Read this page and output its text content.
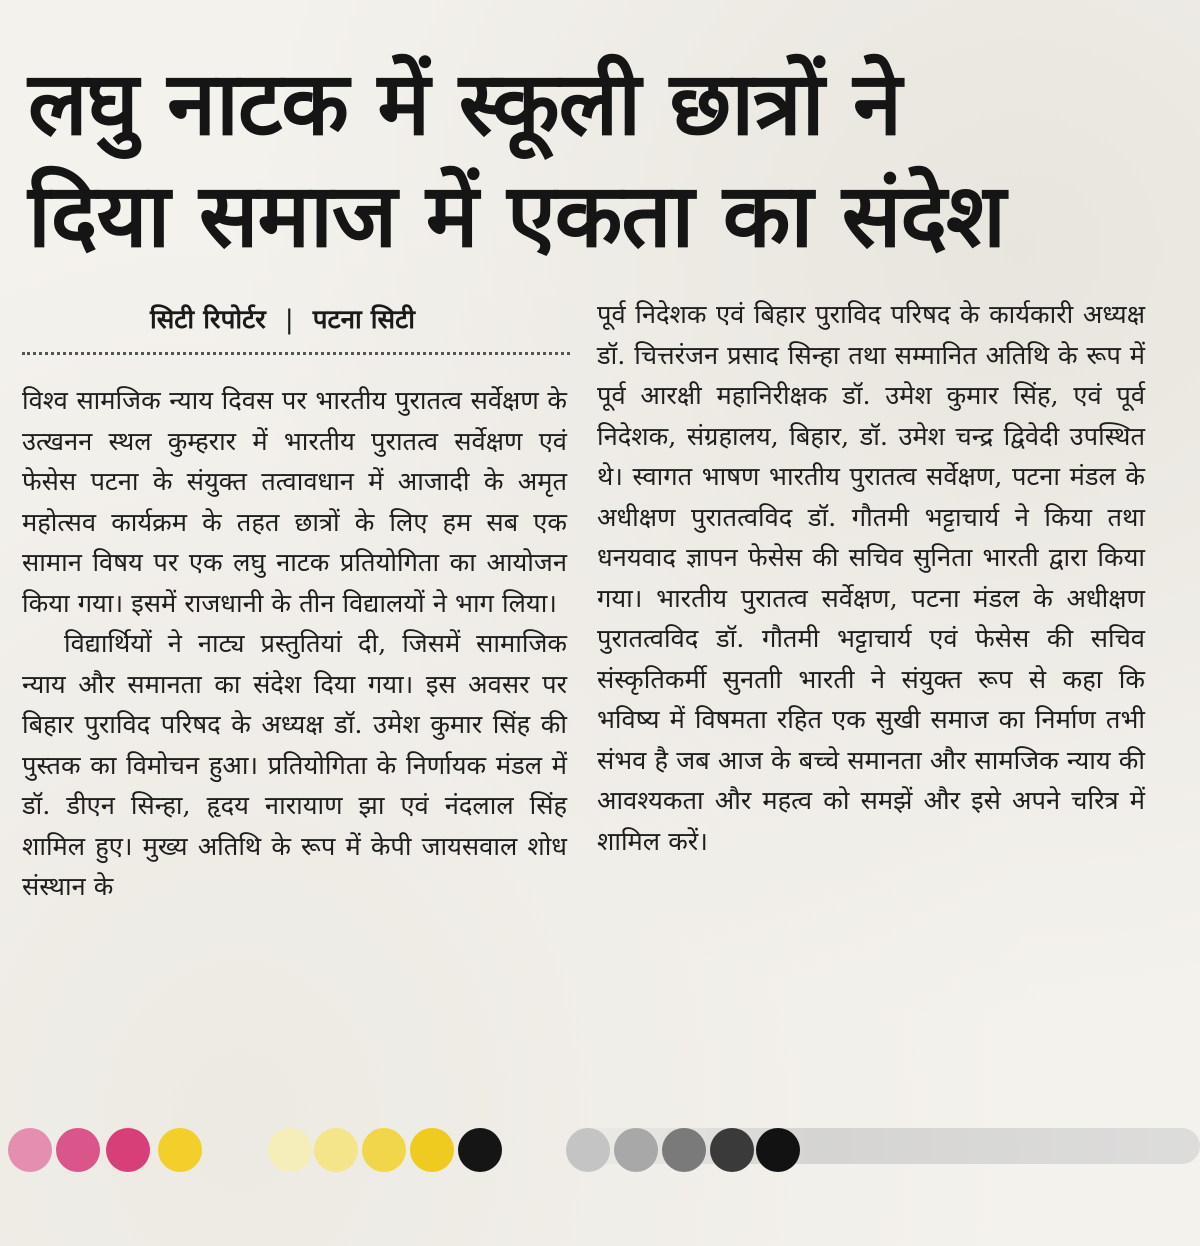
लघु नाटक में स्कूली छात्रों ने
दिया समाज में एकता का संदेश
सिटी रिपोर्टर | पटना सिटी

विश्व सामजिक न्याय दिवस पर भारतीय पुरातत्व सर्वेक्षण के उत्खनन स्थल कुम्हरार में भारतीय पुरातत्व सर्वेक्षण एवं फेसेस पटना के संयुक्त तत्वावधान में आजादी के अमृत महोत्सव कार्यक्रम के तहत छात्रों के लिए हम सब एक सामान विषय पर एक लघु नाटक प्रतियोगिता का आयोजन किया गया। इसमें राजधानी के तीन विद्यालयों ने भाग लिया।

विद्यार्थियों ने नाट्य प्रस्तुतियां दी, जिसमें सामाजिक न्याय और समानता का संदेश दिया गया। इस अवसर पर बिहार पुराविद परिषद के अध्यक्ष डॉ. उमेश कुमार सिंह की पुस्तक का विमोचन हुआ। प्रतियोगिता के निर्णायक मंडल में डॉ. डीएन सिन्हा, हृदय नारायाण झा एवं नंदलाल सिंह शामिल हुए। मुख्य अतिथि के रूप में केपी जायसवाल शोध संस्थान के

पूर्व निदेशक एवं बिहार पुराविद परिषद के कार्यकारी अध्यक्ष डॉ. चित्तरंजन प्रसाद सिन्हा तथा सम्मानित अतिथि के रूप में पूर्व आरक्षी महानिरीक्षक डॉ. उमेश कुमार सिंह, एवं पूर्व निदेशक, संग्रहालय, बिहार, डॉ. उमेश चन्द्र द्विवेदी उपस्थित थे। स्वागत भाषण भारतीय पुरातत्व सर्वेक्षण, पटना मंडल के अधीक्षण पुरातत्वविद डॉ. गौतमी भट्टाचार्य ने किया तथा धनयवाद ज्ञापन फेसेस की सचिव सुनिता भारती द्वारा किया गया। भारतीय पुरातत्व सर्वेक्षण, पटना मंडल के अधीक्षण पुरातत्वविद डॉ. गौतमी भट्टाचार्य एवं फेसेस की सचिव संस्कृतिकर्मी सुनताी भारती ने संयुक्त रूप से कहा कि भविष्य में विषमता रहित एक सुखी समाज का निर्माण तभी संभव है जब आज के बच्चे समानता और सामजिक न्याय की आवश्यकता और महत्व को समझें और इसे अपने चरित्र में शामिल करें।
